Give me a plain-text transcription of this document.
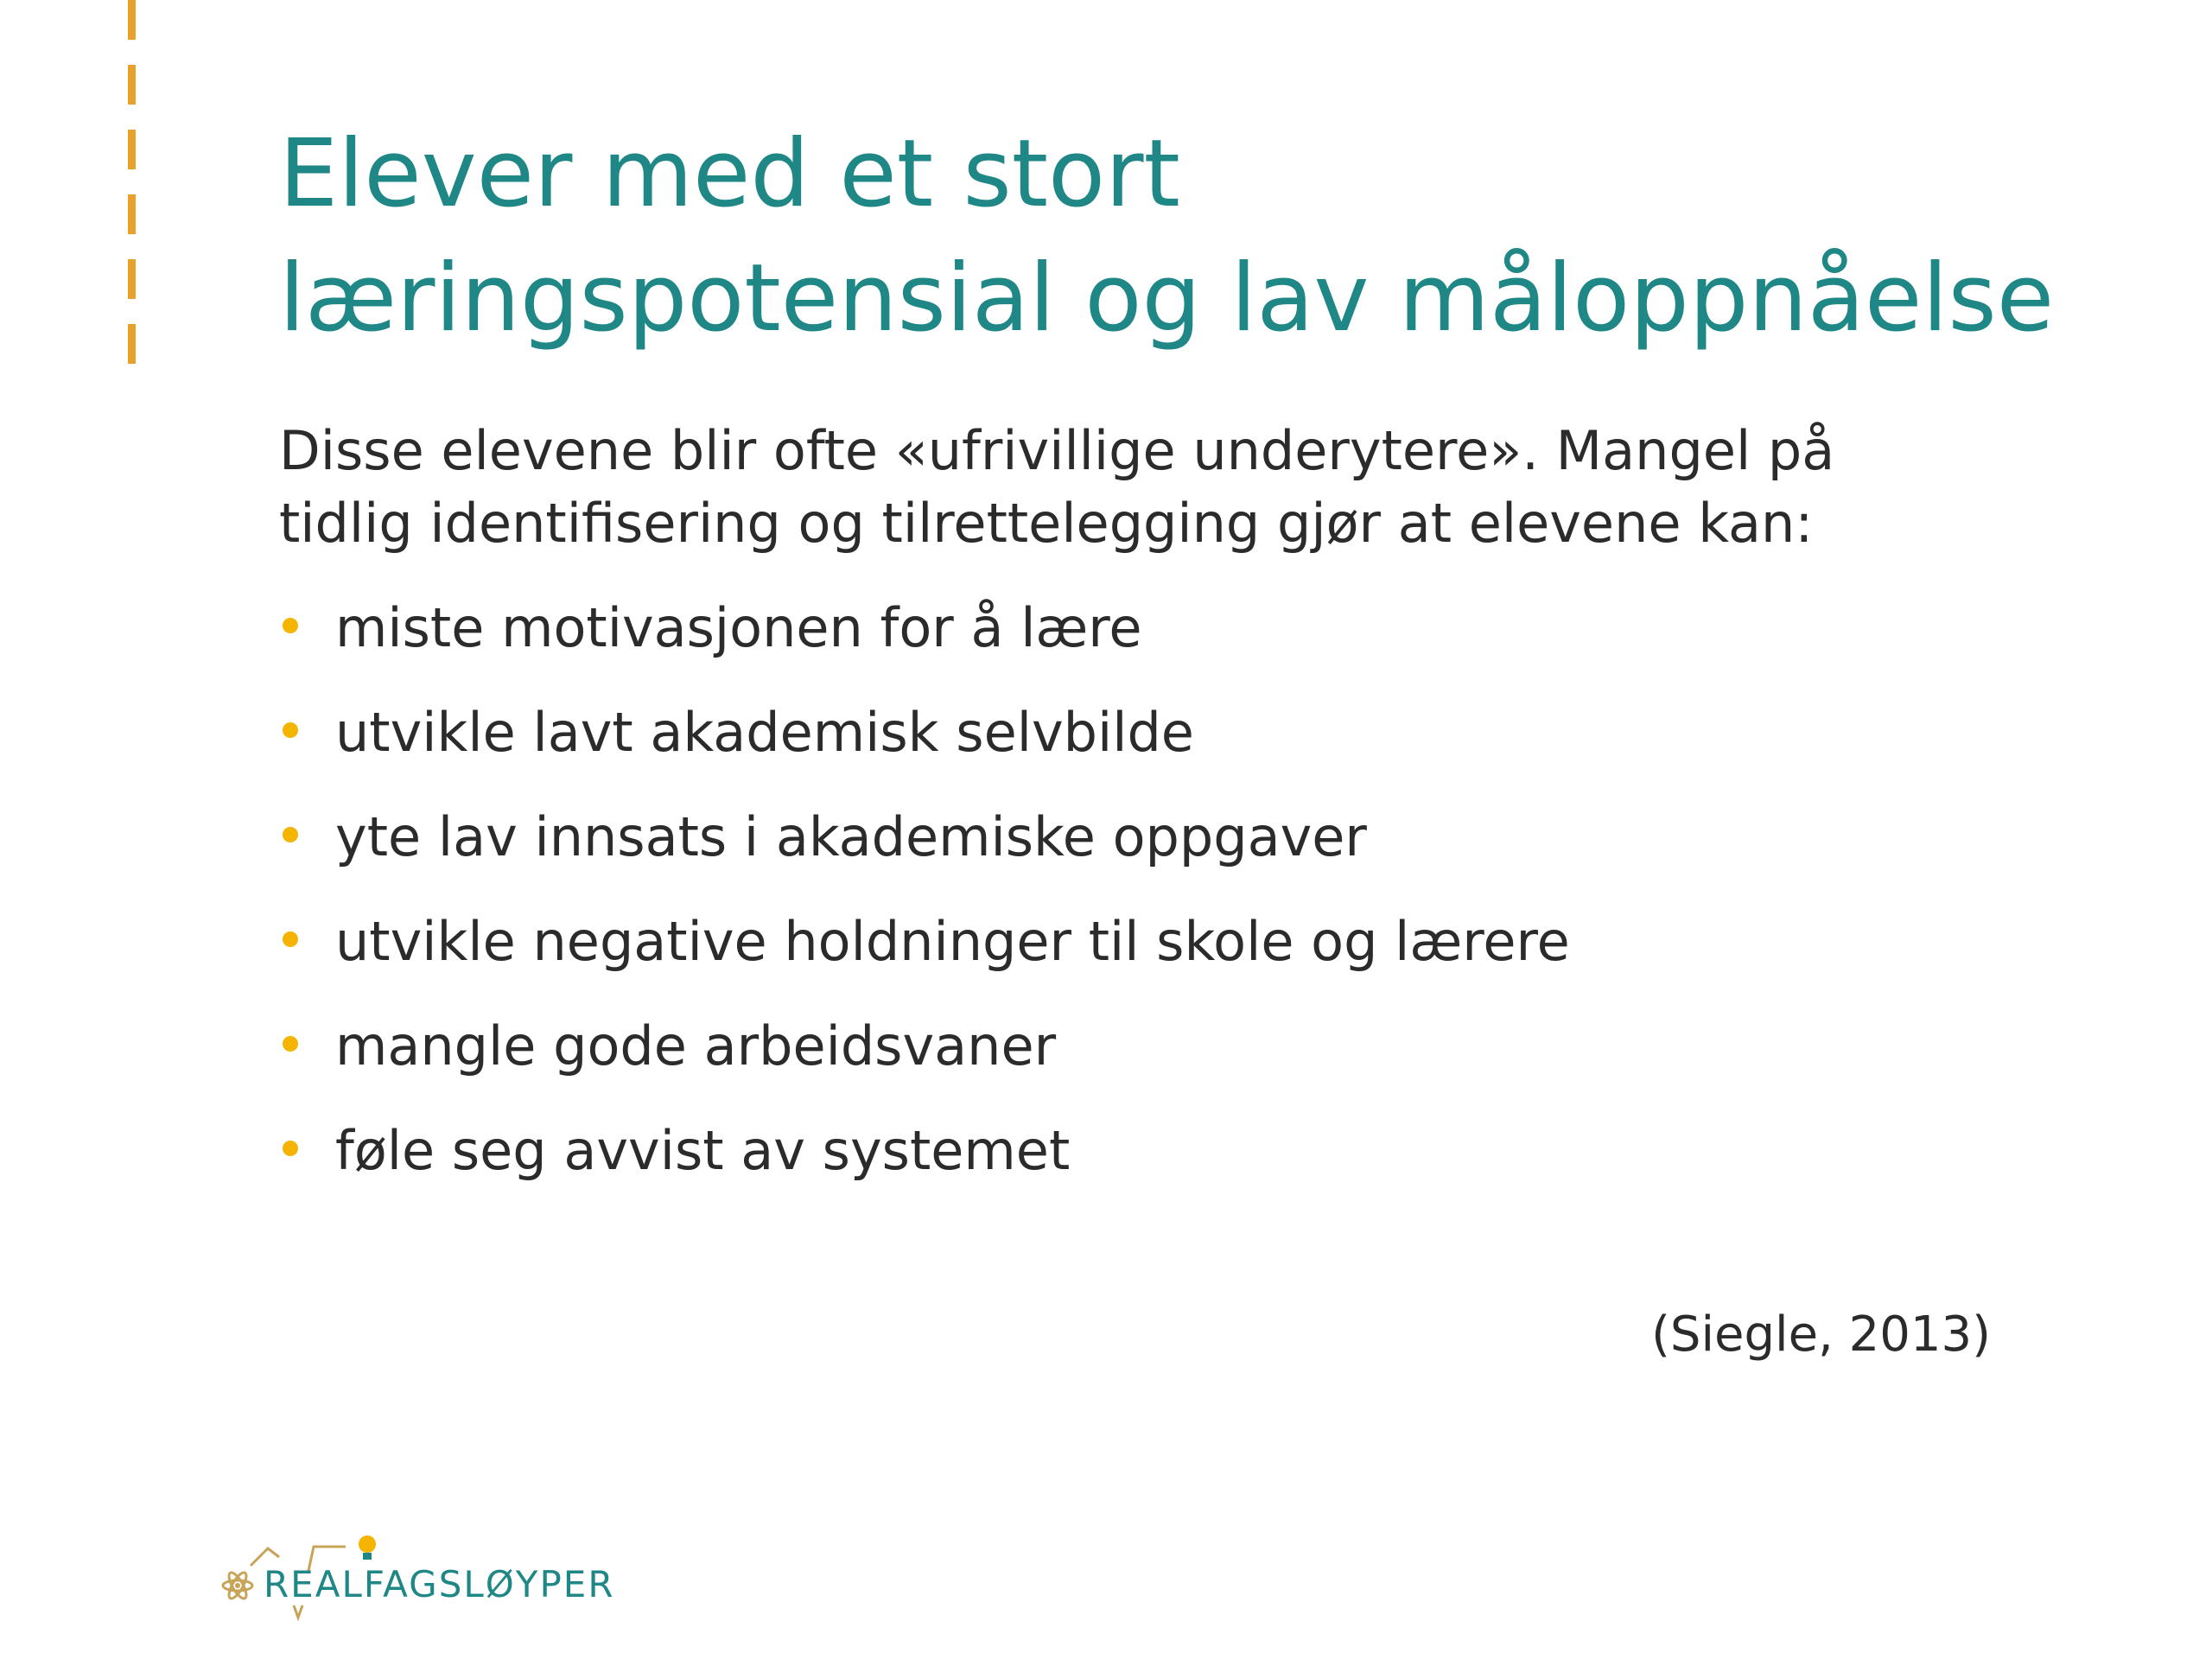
Elever med et stort
læringspotensial og lav måloppnåelse

Disse elevene blir ofte «ufrivillige underytere». Mangel på
tidlig identifisering og tilrettelegging gjør at elevene kan:

miste motivasjonen for å lære
utvikle lavt akademisk selvbilde
yte lav innsats i akademiske oppgaver
utvikle negative holdninger til skole og lærere
mangle gode arbeidsvaner
føle seg avvist av systemet
(Siegle, 2013)
REALFAGSLØYPER
